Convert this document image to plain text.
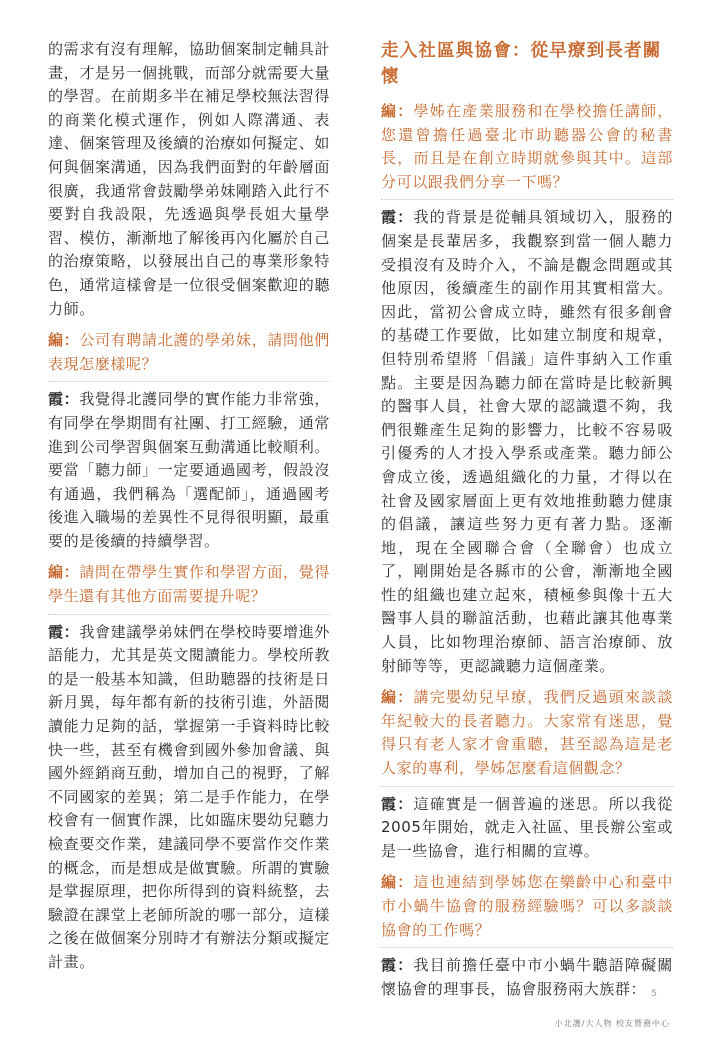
的需求有沒有理解，協助個案制定輔具計畫，才是另一個挑戰，而部分就需要大量的學習。在前期多半在補足學校無法習得的商業化模式運作，例如人際溝通、表達、個案管理及後續的治療如何擬定、如何與個案溝通，因為我們面對的年齡層面很廣，我通常會鼓勵學弟妹剛踏入此行不要對自我設限，先透過與學長姐大量學習、模仿，漸漸地了解後再內化屬於自己的治療策略，以發展出自己的專業形象特色，通常這樣會是一位很受個案歡迎的聽力師。

編：公司有聘請北護的學弟妹，請問他們表現怎麼樣呢？

霞：我覺得北護同學的實作能力非常強，有同學在學期間有社團、打工經驗，通常進到公司學習與個案互動溝通比較順利。要當「聽力師」一定要通過國考，假設沒有通過，我們稱為「選配師」，通過國考後進入職場的差異性不見得很明顯，最重要的是後續的持續學習。

編：請問在帶學生實作和學習方面，覺得學生還有其他方面需要提升呢？

霞：我會建議學弟妹們在學校時要增進外語能力，尤其是英文閱讀能力。學校所教的是一般基本知識，但助聽器的技術是日新月異，每年都有新的技術引進，外語閱讀能力足夠的話，掌握第一手資料時比較快一些，甚至有機會到國外參加會議、與國外經銷商互動，增加自己的視野，了解不同國家的差異；第二是手作能力，在學校會有一個實作課，比如臨床嬰幼兒聽力檢查要交作業，建議同學不要當作交作業的概念，而是想成是做實驗。所謂的實驗是掌握原理，把你所得到的資料統整，去驗證在課堂上老師所說的哪一部分，這樣之後在做個案分別時才有辦法分類或擬定計畫。

走入社區與協會：從早療到長者關懷

編：學姊在產業服務和在學校擔任講師，您還曾擔任過臺北市助聽器公會的秘書長，而且是在創立時期就參與其中。這部分可以跟我們分享一下嗎？

霞：我的背景是從輔具領域切入，服務的個案是長輩居多，我觀察到當一個人聽力受損沒有及時介入，不論是觀念問題或其他原因，後續產生的副作用其實相當大。因此，當初公會成立時，雖然有很多創會的基礎工作要做，比如建立制度和規章，但特別希望將「倡議」這件事納入工作重點。主要是因為聽力師在當時是比較新興的醫事人員，社會大眾的認識還不夠，我們很難產生足夠的影響力，比較不容易吸引優秀的人才投入學系或產業。聽力師公會成立後，透過組織化的力量，才得以在社會及國家層面上更有效地推動聽力健康的倡議，讓這些努力更有著力點。逐漸地，現在全國聯合會（全聯會）也成立了，剛開始是各縣市的公會，漸漸地全國性的組織也建立起來，積極參與像十五大醫事人員的聯誼活動，也藉此讓其他專業人員，比如物理治療師、語言治療師、放射師等等，更認識聽力這個產業。

編：講完嬰幼兒早療，我們反過頭來談談年紀較大的長者聽力。大家常有迷思，覺得只有老人家才會重聽，甚至認為這是老人家的專利，學姊怎麼看這個觀念？

霞：這確實是一個普遍的迷思。所以我從2005年開始，就走入社區、里長辦公室或是一些協會，進行相關的宣導。

編：這也連結到學姊您在樂齡中心和臺中市小蝸牛協會的服務經驗嗎？可以多談談協會的工作嗎？

霞：我目前擔任臺中市小蝸牛聽語障礙關懷協會的理事長，協會服務兩大族群： 5
小北護/大人物 校友暨務中心
